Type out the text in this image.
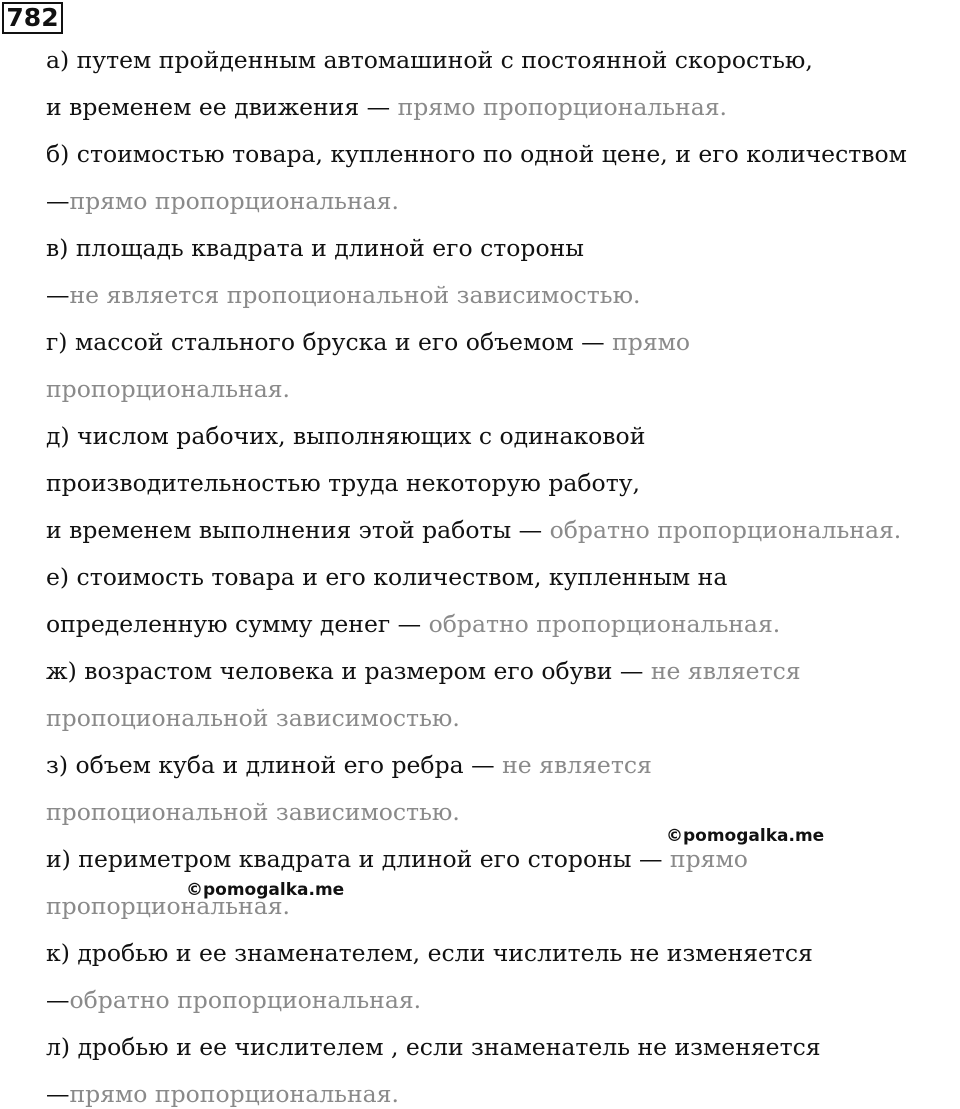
782
а) путем пройденным автомашиной с постоянной скоростью,
и временем ее движения — прямо пропорциональная.
б) стоимостью товара, купленного по одной цене, и его количеством
—прямо пропорциональная.
в) площадь квадрата и длиной его стороны
—не является пропоциональной зависимостью.
г) массой стального бруска и его объемом — прямо
пропорциональная.
д) числом рабочих, выполняющих с одинаковой
производительностью труда некоторую работу,
и временем выполнения этой работы — обратно пропорциональная.
е) стоимость товара и его количеством, купленным на
определенную сумму денег — обратно пропорциональная.
ж) возрастом человека и размером его обуви — не является
пропоциональной зависимостью.
з) объем куба и длиной его ребра — не является
пропоциональной зависимостью.
и) периметром квадрата и длиной его стороны — прямо
пропорциональная.
к) дробью и ее знаменателем, если числитель не изменяется
—обратно пропорциональная.
л) дробью и ее числителем , если знаменатель не изменяется
—прямо пропорциональная.
©pomogalka.me
©pomogalka.me
